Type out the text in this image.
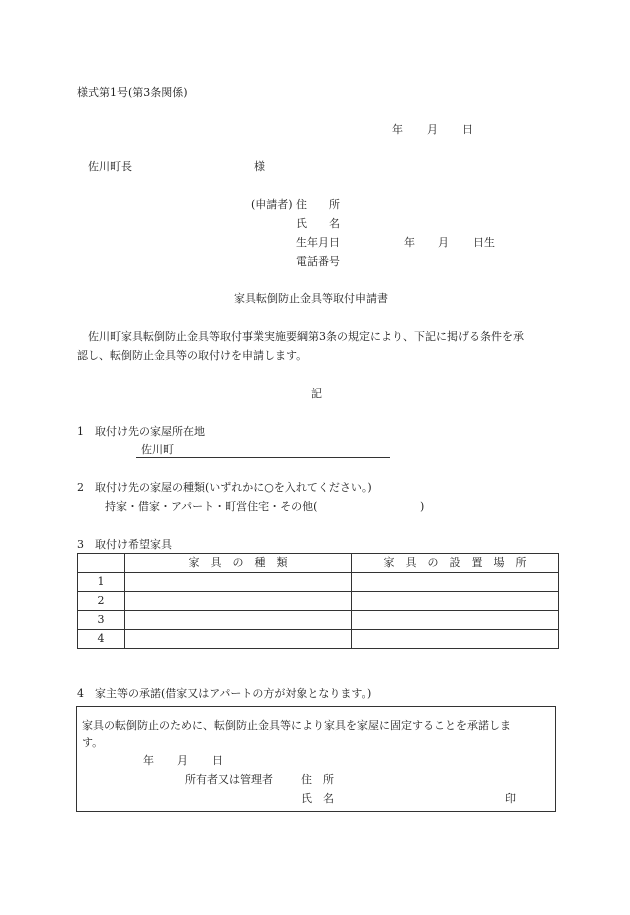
様式第1号(第3条関係)
年 月 日
佐川町長	様
(申請者) 住　　所
氏　　名
生年月日	年 月 日生
電話番号
家具転倒防止金具等取付申請書
佐川町家具転倒防止金具等取付事業実施要綱第3条の規定により、下記に掲げる条件を承
認し、転倒防止金具等の取付けを申請します。
記
1　取付け先の家屋所在地
佐川町
2　取付け先の家屋の種類(いずれかに○を入れてください。)
持家・借家・アパート・町営住宅・その他(	)
3　取付け希望家具
	家　具　の　種　類	家　具　の　設　置　場　所
1		
2		
3		
4		
4　家主等の承諾(借家又はアパートの方が対象となります。)
家具の転倒防止のために、転倒防止金具等により家具を家屋に固定することを承諾しま
す。
年 月 日
所有者又は管理者	住　所
氏　名	印
